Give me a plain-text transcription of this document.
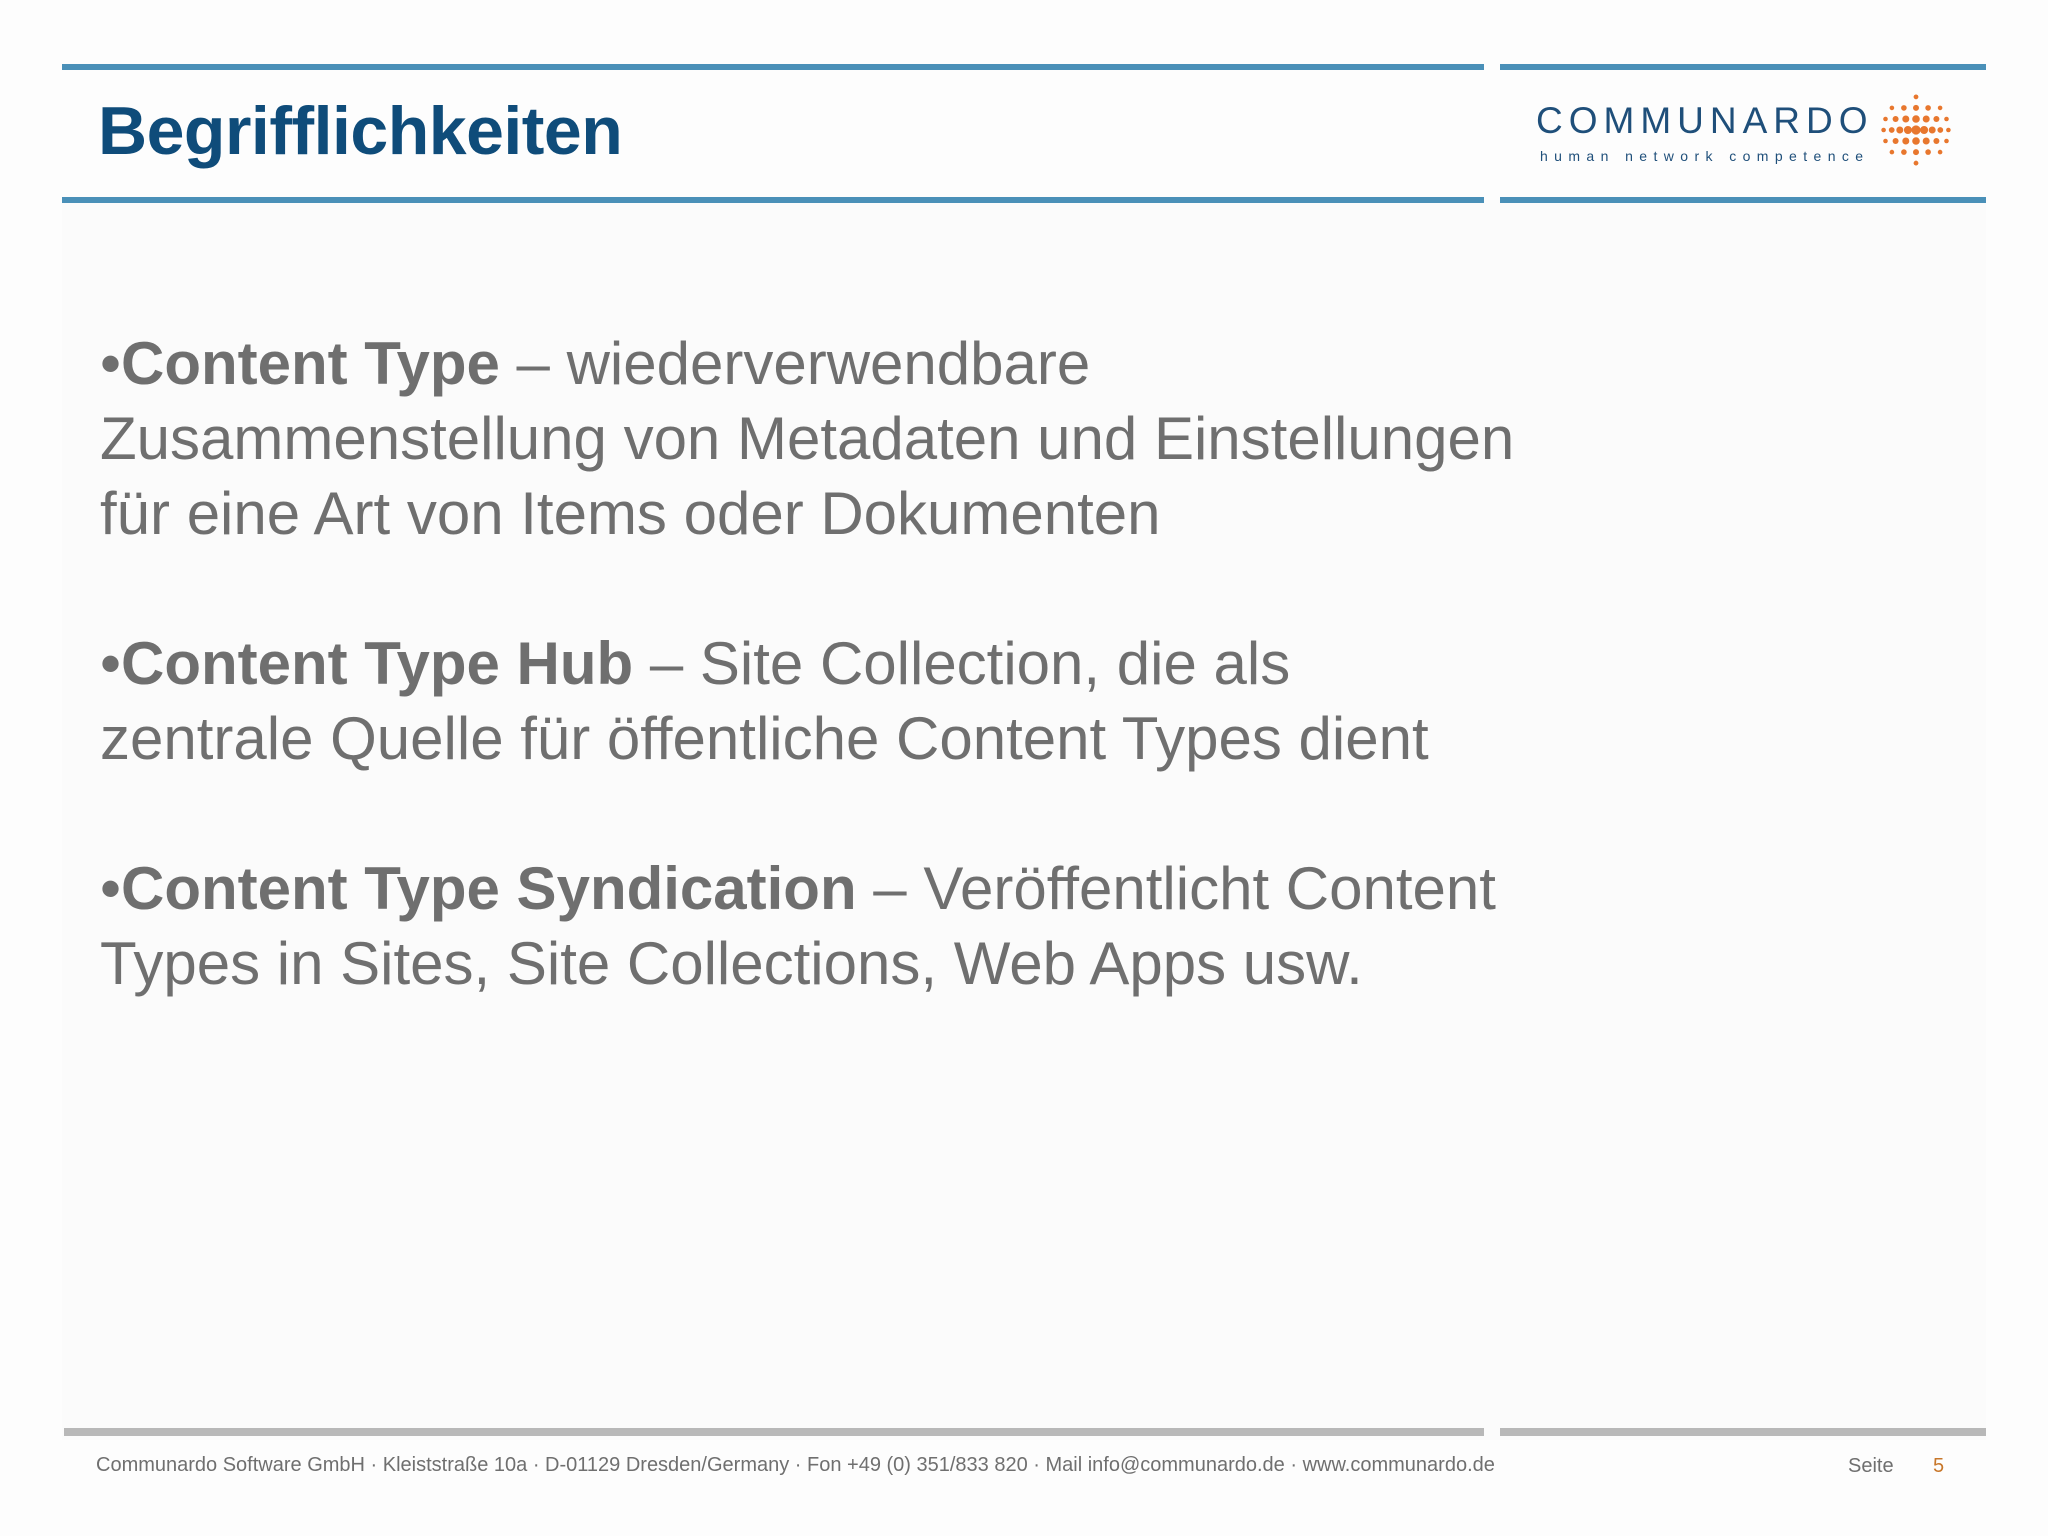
Begrifflichkeiten	COMMUNARDO
human network competence

•Content Type – wiederverwendbare Zusammenstellung von Metadaten und Einstellungen für eine Art von Items oder Dokumenten

•Content Type Hub – Site Collection, die als zentrale Quelle für öffentliche Content Types dient

•Content Type Syndication – Veröffentlicht Content Types in Sites, Site Collections, Web Apps usw.

Communardo Software GmbH · Kleiststraße 10a · D-01129 Dresden/Germany · Fon +49 (0) 351/833 820 · Mail info@communardo.de · www.communardo.de	Seite 5
